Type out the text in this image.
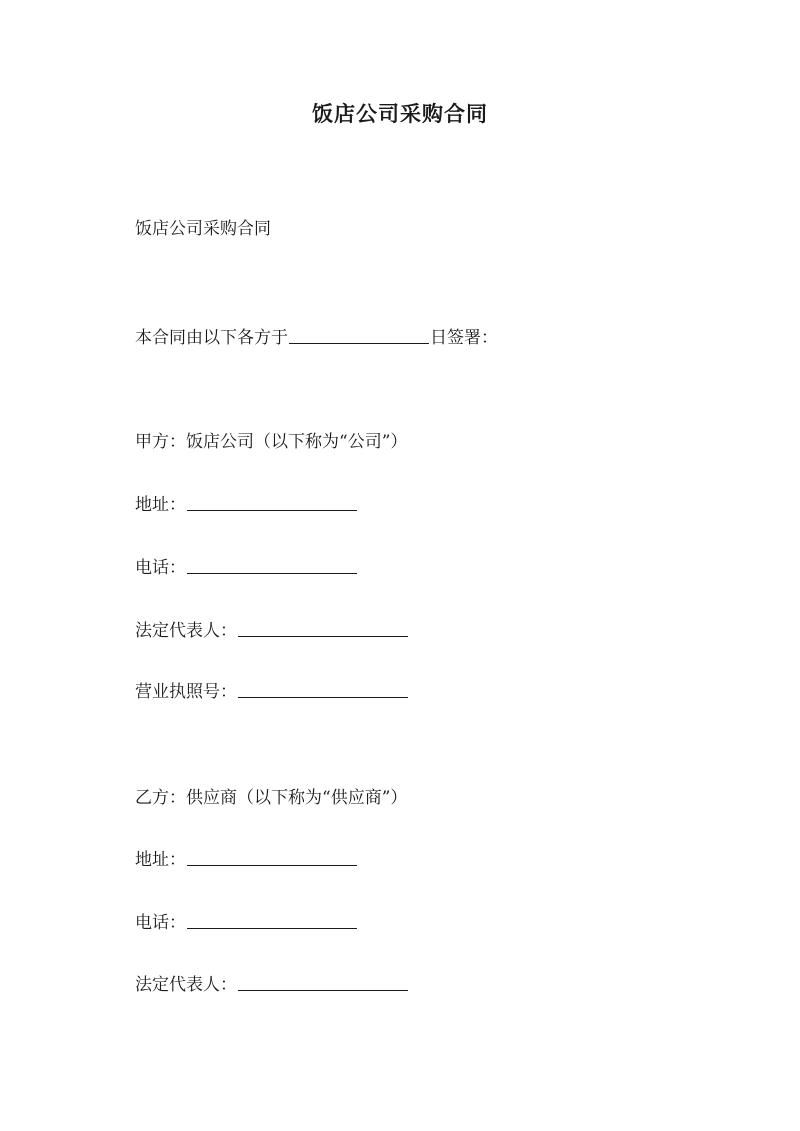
饭店公司采购合同

饭店公司采购合同

本合同由以下各方于	日签署：

甲方：饭店公司（以下称为“公司”）

地址：

电话：

法定代表人：

营业执照号：

乙方：供应商（以下称为“供应商”）

地址：

电话：

法定代表人：
